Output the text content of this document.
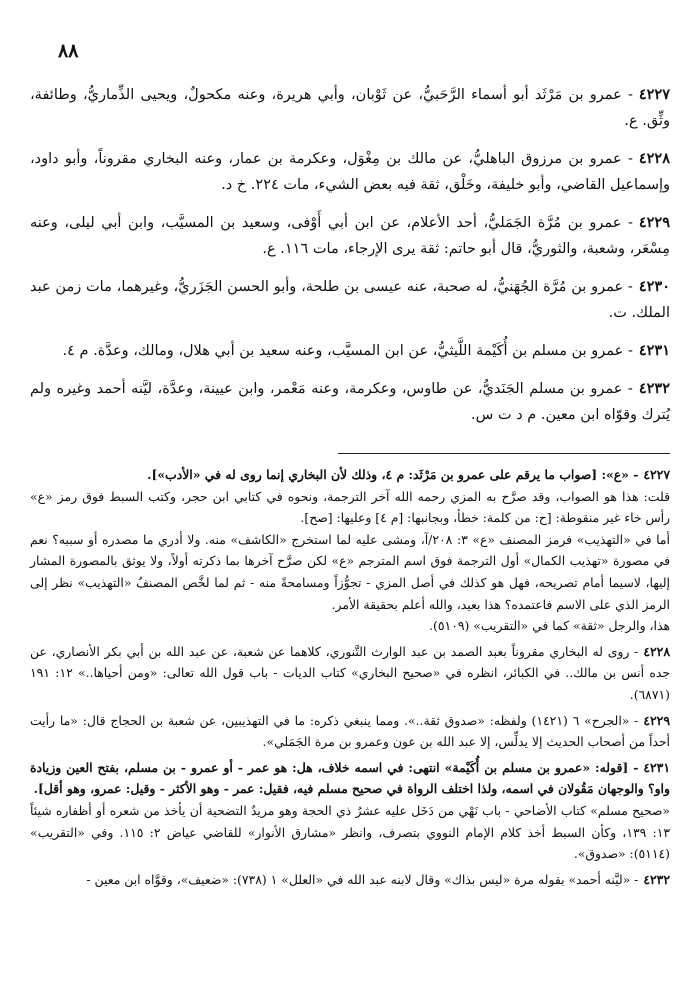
٨٨

٤٢٢٧- عمرو بن مَرْثَد أبو أسماء الرَّحَبيُّ، عن ثَوْبان، وأبي هريرة، وعنه مكحولٌ، ويحيى الذِّماريُّ، وطائفة، وثِّق. ع.

٤٢٢٨- عمرو بن مرزوق الباهليُّ، عن مالك بن مِغْوَل، وعكرمة بن عمار، وعنه البخاري مقروناً، وأبو داود، وإسماعيل القاضي، وأبو خليفة، وخَلْق، ثقة فيه بعض الشيء، مات ٢٢٤. خ د.

٤٢٢٩- عمرو بن مُرَّة الجَمَليُّ، أحد الأعلام، عن ابن أبي أَوْفى، وسعيد بن المسيَّب، وابن أبي ليلى، وعنه مِسْعَر، وشعبة، والثوريُّ، قال أبو حاتم: ثقة يرى الإرجاء، مات ١١٦. ع.

٤٢٣٠- عمرو بن مُرَّة الجُهَنيُّ، له صحبة، عنه عيسى بن طلحة، وأبو الحسن الجَزَريُّ، وغيرهما، مات زمن عبد الملك. ت.

٤٢٣١- عمرو بن مسلم بن أُكَيْمة اللَّيثيُّ، عن ابن المسيَّب، وعنه سعيد بن أبي هلال، ومالك، وعدَّة. م ٤.

٤٢٣٢- عمرو بن مسلم الجَنَديُّ، عن طاوس، وعكرمة، وعنه مَعْمر، وابن عيينة، وعدَّة، ليَّنه أحمد وغيره ولم يُترك وقوّاه ابن معين. م د ت س.

٤٢٢٧- «ع»: [صواب ما يرقم على عمرو بن مَرْثَد: م ٤، وذلك لأن البخاري إنما روى له في «الأدب»].
قلت: هذا هو الصواب، وقد صرَّح به المزي رحمه الله آخر الترجمة، ونحوه في كتابي ابن حجر، وكتب السبط فوق رمز «ع» رأس خاء غير منقوطة: [ح: من كلمة: خطأ، وبجانبها: [م ٤] وعليها: [صح].
أما في «التهذيب» فرمز المصنف «ع» ٣: ٢٠٨/آ، ومشى عليه لما استخرج «الكاشف» منه. ولا أدري ما مصدره أو سببه؟ نعم في مصورة «تهذيب الكمال» أول الترجمة فوق اسم المترجم «ع» لكن صرَّح آخرها بما ذكرته أولاً، ولا يوثق بالمصورة المشار إليها، لاسيما أمام تصريحه، فهل هو كذلك في أصل المزي - تجوُّزاً ومسامحةً منه - ثم لما لخَّص المصنفُ «التهذيب» نظر إلى الرمز الذي على الاسم فاعتمده؟ هذا بعيد، والله أعلم بحقيقة الأمر.
هذا، والرجل «ثقة» كما في «التقريب» (٥١٠٩).
٤٢٢٨- روى له البخاري مقروناً بعبد الصمد بن عبد الوارث التَّنوري، كلاهما عن شعبة، عن عبد الله بن أبي بكر الأنصاري، عن جده أنس بن مالك.. في الكبائر، انظره في «صحيح البخاري» كتاب الديات - باب قول الله تعالى: «ومن أحياها..» ١٢: ١٩١ (٦٨٧١).
٤٢٢٩- «الجرح» ٦ (١٤٢١) ولفظه: «صدوق ثقة..». ومما ينبغي ذكره: ما في التهذيبين، عن شعبة بن الحجاج قال: «ما رأيت أحداً من أصحاب الحديث إلا يدلِّس، إلا عبد الله بن عون وعمرو بن مرة الجَمَلي».
٤٢٣١- [قوله: «عمرو بن مسلم بن أُكَيْمة» انتهى: في اسمه خلاف، هل: هو عمر - أو عمرو - بن مسلم، بفتح العين وزيادة واو؟ والوجهان مَقُولان في اسمه، ولذا اختلف الرواة في صحيح مسلم فيه، فقيل: عمر - وهو الأكثر - وقيل: عمرو، وهو أقل].
«صحيح مسلم» كتاب الأضاحي - باب نَهْي من دَخَل عليه عشرُ ذي الحجة وهو مريدٌ التضحية أن يأخذ من شعره أو أظفاره شيئاً ١٣: ١٣٩، وكأن السبط أخذ كلام الإمام النووي بتصرف، وانظر «مشارق الأنوار» للقاضي عياض ٢: ١١٥. وفي «التقريب» (٥١١٤): «صدوق».
٤٢٣٢- «ليَّنه أحمد» بقوله مرة «ليس بذاك» وقال لابنه عبد الله في «العلل» ١ (٧٣٨): «ضعيف»، وقوَّاه ابن معين -
